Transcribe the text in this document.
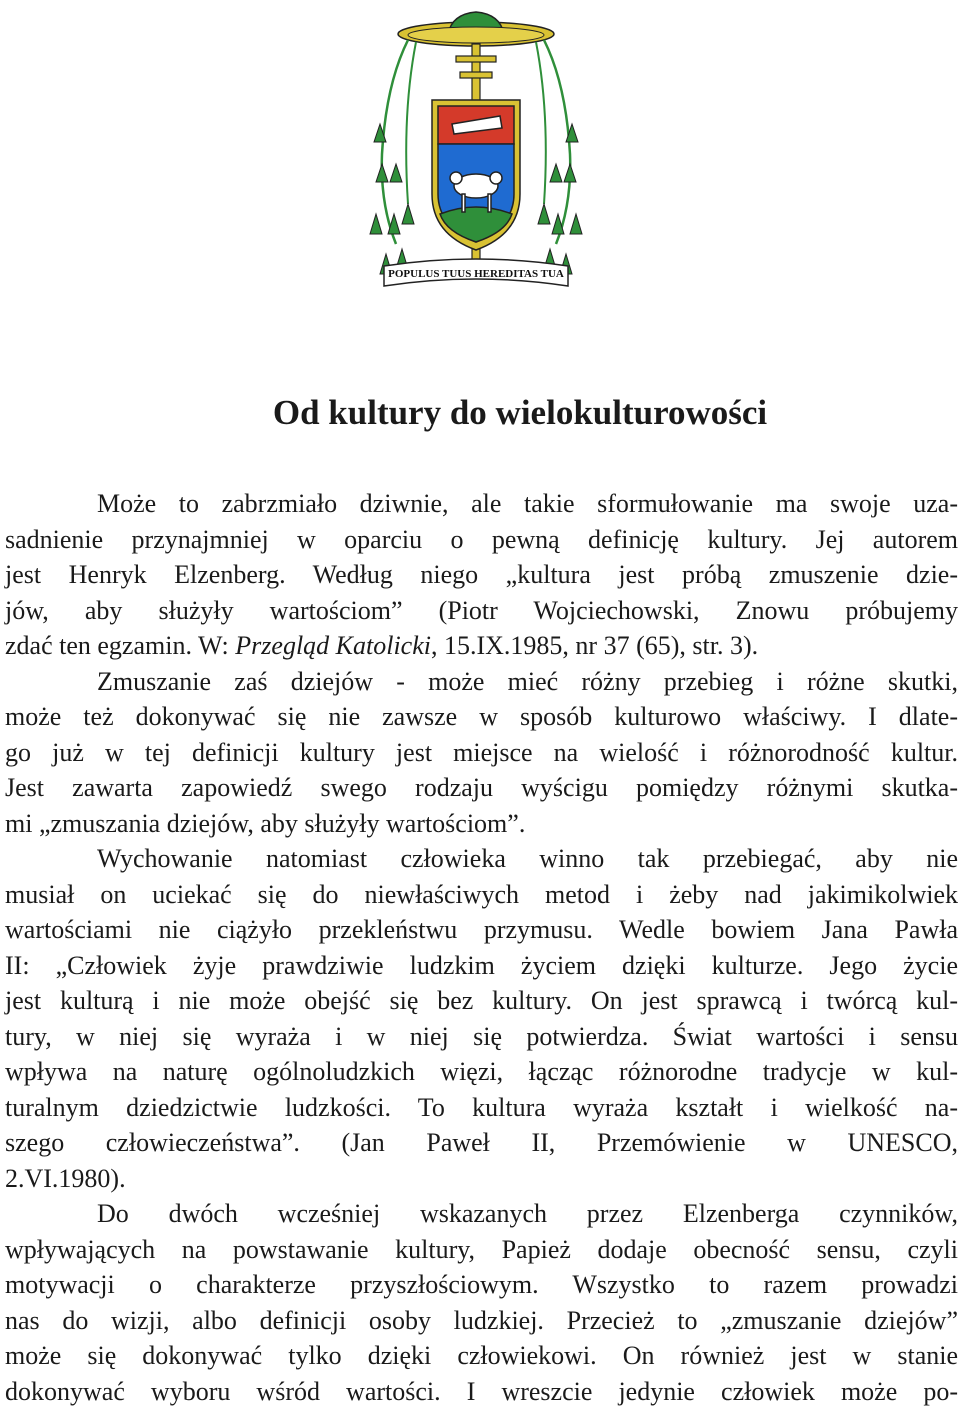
POPULUS TUUS HEREDITAS TUA
Od kultury do wielokulturowości
Może to zabrzmiało dziwnie, ale takie sformułowanie ma swoje uza-
sadnienie przynajmniej w oparciu o pewną definicję kultury. Jej autorem
jest Henryk Elzenberg. Według niego „kultura jest próbą zmuszenie dzie-
jów, aby służyły wartościom” (Piotr Wojciechowski, Znowu próbujemy
zdać ten egzamin. W: Przegląd Katolicki, 15.IX.1985, nr 37 (65), str. 3).
Zmuszanie zaś dziejów - może mieć różny przebieg i różne skutki,
może też dokonywać się nie zawsze w sposób kulturowo właściwy. I dlate-
go już w tej definicji kultury jest miejsce na wielość i różnorodność kultur.
Jest zawarta zapowiedź swego rodzaju wyścigu pomiędzy różnymi skutka-
mi „zmuszania dziejów, aby służyły wartościom”.
Wychowanie natomiast człowieka winno tak przebiegać, aby nie
musiał on uciekać się do niewłaściwych metod i żeby nad jakimikolwiek
wartościami nie ciążyło przekleństwu przymusu. Wedle bowiem Jana Pawła
II: „Człowiek żyje prawdziwie ludzkim życiem dzięki kulturze. Jego życie
jest kulturą i nie może obejść się bez kultury. On jest sprawcą i twórcą kul-
tury, w niej się wyraża i w niej się potwierdza. Świat wartości i sensu
wpływa na naturę ogólnoludzkich więzi, łącząc różnorodne tradycje w kul-
turalnym dziedzictwie ludzkości. To kultura wyraża kształt i wielkość na-
szego człowieczeństwa”. (Jan Paweł II, Przemówienie w UNESCO,
2.VI.1980).
Do dwóch wcześniej wskazanych przez Elzenberga czynników,
wpływających na powstawanie kultury, Papież dodaje obecność sensu, czyli
motywacji o charakterze przyszłościowym. Wszystko to razem prowadzi
nas do wizji, albo definicji osoby ludzkiej. Przecież to „zmuszanie dziejów”
może się dokonywać tylko dzięki człowiekowi. On również jest w stanie
dokonywać wyboru wśród wartości. I wreszcie jedynie człowiek może po-
